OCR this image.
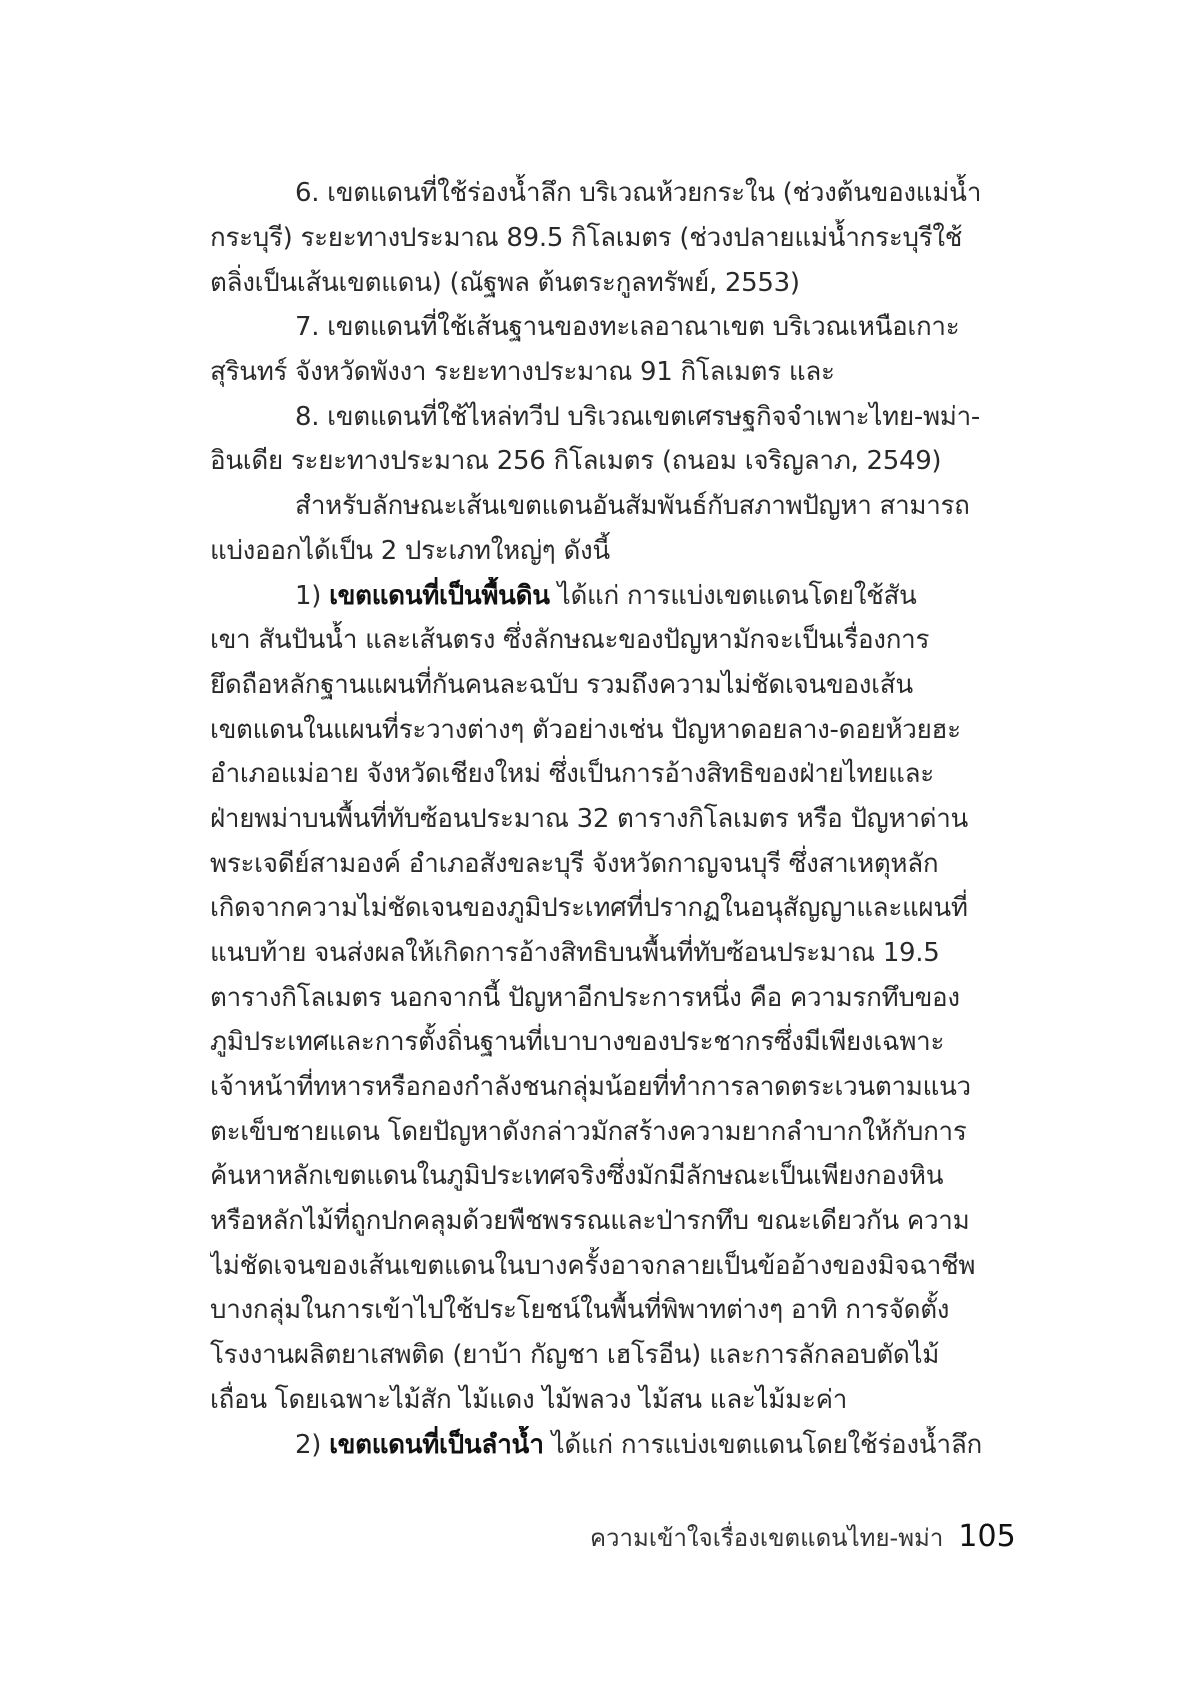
6. เขตแดนที่ใช้ร่องน้ำลึก บริเวณห้วยกระใน (ช่วงต้นของแม่น้ำ
กระบุรี) ระยะทางประมาณ 89.5 กิโลเมตร (ช่วงปลายแม่น้ำกระบุรีใช้
ตลิ่งเป็นเส้นเขตแดน) (ณัฐพล ต้นตระกูลทรัพย์, 2553)
7. เขตแดนที่ใช้เส้นฐานของทะเลอาณาเขต บริเวณเหนือเกาะ
สุรินทร์ จังหวัดพังงา ระยะทางประมาณ 91 กิโลเมตร และ
8. เขตแดนที่ใช้ไหล่ทวีป บริเวณเขตเศรษฐกิจจำเพาะไทย-พม่า-
อินเดีย ระยะทางประมาณ 256 กิโลเมตร (ถนอม เจริญลาภ, 2549)
สำหรับลักษณะเส้นเขตแดนอันสัมพันธ์กับสภาพปัญหา สามารถ
แบ่งออกได้เป็น 2 ประเภทใหญ่ๆ ดังนี้
1) เขตแดนที่เป็นพื้นดิน ได้แก่ การแบ่งเขตแดนโดยใช้สัน
เขา สันปันน้ำ และเส้นตรง ซึ่งลักษณะของปัญหามักจะเป็นเรื่องการ
ยึดถือหลักฐานแผนที่กันคนละฉบับ รวมถึงความไม่ชัดเจนของเส้น
เขตแดนในแผนที่ระวางต่างๆ ตัวอย่างเช่น ปัญหาดอยลาง-ดอยห้วยฮะ
อำเภอแม่อาย จังหวัดเชียงใหม่ ซึ่งเป็นการอ้างสิทธิของฝ่ายไทยและ
ฝ่ายพม่าบนพื้นที่ทับซ้อนประมาณ 32 ตารางกิโลเมตร หรือ ปัญหาด่าน
พระเจดีย์สามองค์ อำเภอสังขละบุรี จังหวัดกาญจนบุรี ซึ่งสาเหตุหลัก
เกิดจากความไม่ชัดเจนของภูมิประเทศที่ปรากฏในอนุสัญญาและแผนที่
แนบท้าย จนส่งผลให้เกิดการอ้างสิทธิบนพื้นที่ทับซ้อนประมาณ 19.5
ตารางกิโลเมตร นอกจากนี้ ปัญหาอีกประการหนึ่ง คือ ความรกทึบของ
ภูมิประเทศและการตั้งถิ่นฐานที่เบาบางของประชากรซึ่งมีเพียงเฉพาะ
เจ้าหน้าที่ทหารหรือกองกำลังชนกลุ่มน้อยที่ทำการลาดตระเวนตามแนว
ตะเข็บชายแดน โดยปัญหาดังกล่าวมักสร้างความยากลำบากให้กับการ
ค้นหาหลักเขตแดนในภูมิประเทศจริงซึ่งมักมีลักษณะเป็นเพียงกองหิน
หรือหลักไม้ที่ถูกปกคลุมด้วยพืชพรรณและป่ารกทึบ ขณะเดียวกัน ความ
ไม่ชัดเจนของเส้นเขตแดนในบางครั้งอาจกลายเป็นข้ออ้างของมิจฉาชีพ
บางกลุ่มในการเข้าไปใช้ประโยชน์ในพื้นที่พิพาทต่างๆ อาทิ การจัดตั้ง
โรงงานผลิตยาเสพติด (ยาบ้า กัญชา เฮโรอีน) และการลักลอบตัดไม้
เถื่อน โดยเฉพาะไม้สัก ไม้แดง ไม้พลวง ไม้สน และไม้มะค่า
2) เขตแดนที่เป็นลำน้ำ ได้แก่ การแบ่งเขตแดนโดยใช้ร่องน้ำลึก
ความเข้าใจเรื่องเขตแดนไทย-พม่า 105
